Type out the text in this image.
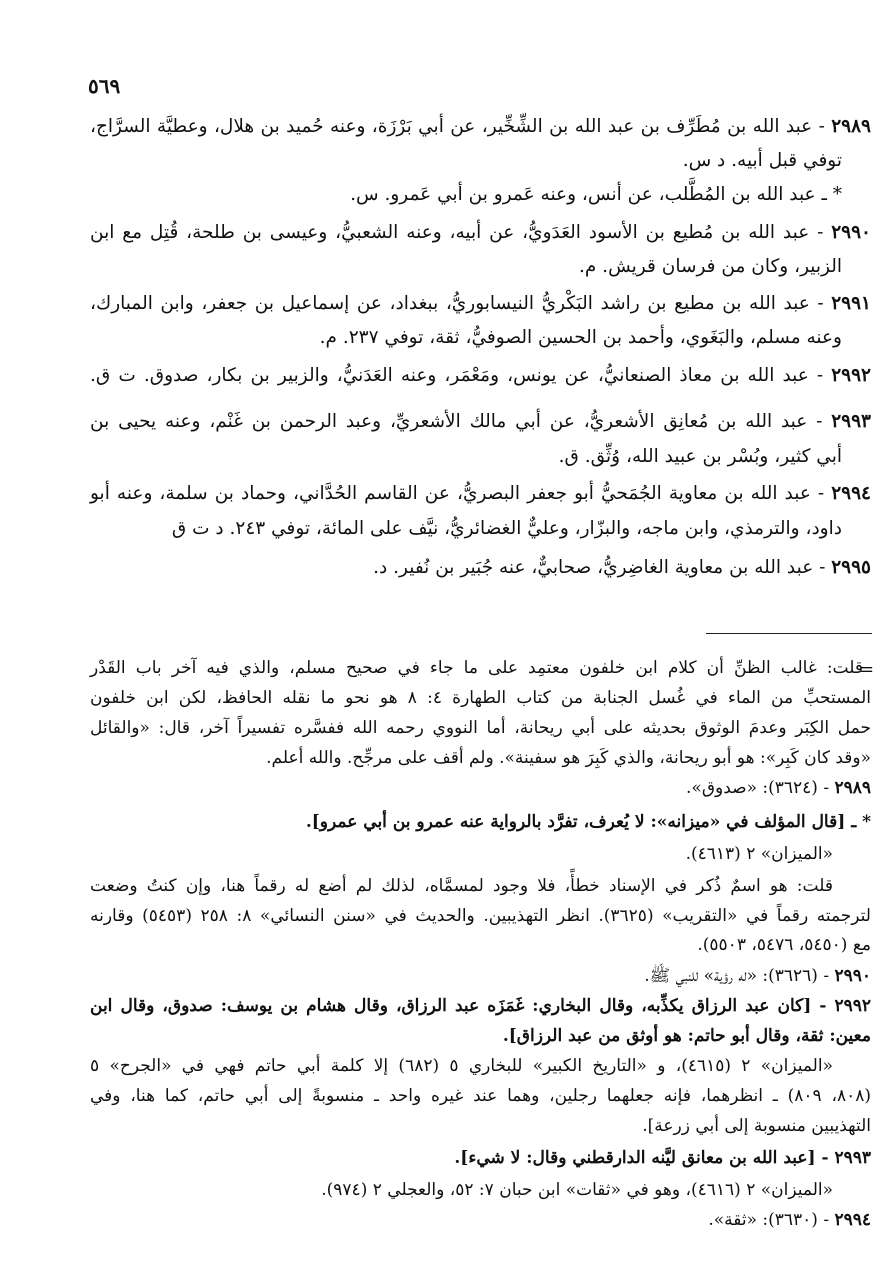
٥٦٩
٢٩٨٩ - عبد الله بن مُطَرِّف بن عبد الله بن الشِّخِّير، عن أبي بَرْزَة، وعنه حُميد بن هلال، وعطيَّة السرَّاج،
توفي قبل أبيه. د س.
* ـ عبد الله بن المُطَّلب، عن أنس، وعنه عَمرو بن أبي عَمرو. س.
٢٩٩٠ - عبد الله بن مُطيع بن الأسود العَدَويُّ، عن أبيه، وعنه الشعبيُّ، وعيسى بن طلحة، قُتِل مع ابن
الزبير، وكان من فرسان قريش. م.
٢٩٩١ - عبد الله بن مطيع بن راشد البَكْريُّ النيسابوريُّ، ببغداد، عن إسماعيل بن جعفر، وابن المبارك،
وعنه مسلم، والبَغَوي، وأحمد بن الحسين الصوفيُّ، ثقة، توفي ٢٣٧. م.
٢٩٩٢ - عبد الله بن معاذ الصنعانيُّ، عن يونس، ومَعْمَر، وعنه العَدَنيُّ، والزبير بن بكار، صدوق. ت ق.
٢٩٩٣ - عبد الله بن مُعانِق الأشعريُّ، عن أبي مالك الأشعريِّ، وعبد الرحمن بن غَنْم، وعنه يحيى بن
أبي كثير، وبُسْر بن عبيد الله، وُثِّق. ق.
٢٩٩٤ - عبد الله بن معاوية الجُمَحيُّ أبو جعفر البصريُّ، عن القاسم الحُدَّاني، وحماد بن سلمة، وعنه أبو
داود، والترمذي، وابن ماجه، والبزّار، وعليٌّ الغضائريُّ، نيَّف على المائة، توفي ٢٤٣. د ت ق
٢٩٩٥ - عبد الله بن معاوية الغاضِريُّ، صحابيٌّ، عنه جُبَير بن نُفير. د.
=
قلت: غالب الظنِّ أن كلام ابن خلفون معتمِد على ما جاء في صحيح مسلم، والذي فيه آخر باب القَدْر
المستحبِّ من الماء في غُسل الجنابة من كتاب الطهارة ٤: ٨ هو نحو ما نقله الحافظ، لكن ابن خلفون
حمل الكِبَر وعدمَ الوثوق بحديثه على أبي ريحانة، أما النووي رحمه الله ففسَّره تفسيراً آخر، قال: «والقائل
«وقد كان كَبِر»: هو أبو ريحانة، والذي كَبِرَ هو سفينة». ولم أقف على مرجِّح. والله أعلم.
٢٩٨٩ - (٣٦٢٤): «صدوق».
* ـ [قال المؤلف في «ميزانه»: لا يُعرف، تفرَّد بالرواية عنه عمرو بن أبي عمرو].
«الميزان» ٢ (٤٦١٣).
قلت: هو اسمٌ ذُكر في الإسناد خطأً، فلا وجود لمسمَّاه، لذلك لم أضع له رقماً هنا، وإن كنتُ وضعت
لترجمته رقماً في «التقريب» (٣٦٢٥). انظر التهذيبين. والحديث في «سنن النسائي» ٨: ٢٥٨ (٥٤٥٣) وقارنه
مع (٥٤٥٠، ٥٤٧٦، ٥٥٠٣).
٢٩٩٠ - (٣٦٢٦): «له رؤية» للنبي ﷺ.
٢٩٩٢ - [كان عبد الرزاق يكذِّبه، وقال البخاري: غَمَزَه عبد الرزاق، وقال هشام بن يوسف: صدوق، وقال ابن
معين: ثقة، وقال أبو حاتم: هو أوثق من عبد الرزاق].
«الميزان» ٢ (٤٦١٥)، و «التاريخ الكبير» للبخاري ٥ (٦٨٢) إلا كلمة أبي حاتم فهي في «الجرح» ٥
(٨٠٨، ٨٠٩) ـ انظرهما، فإنه جعلهما رجلين، وهما عند غيره واحد ـ منسوبةً إلى أبي حاتم، كما هنا، وفي
التهذيبين منسوبة إلى أبي زرعة].
٢٩٩٣ - [عبد الله بن معانق ليَّنه الدارقطني وقال: لا شيء].
«الميزان» ٢ (٤٦١٦)، وهو في «ثقات» ابن حبان ٧: ٥٢، والعجلي ٢ (٩٧٤).
٢٩٩٤ - (٣٦٣٠): «ثقة».
